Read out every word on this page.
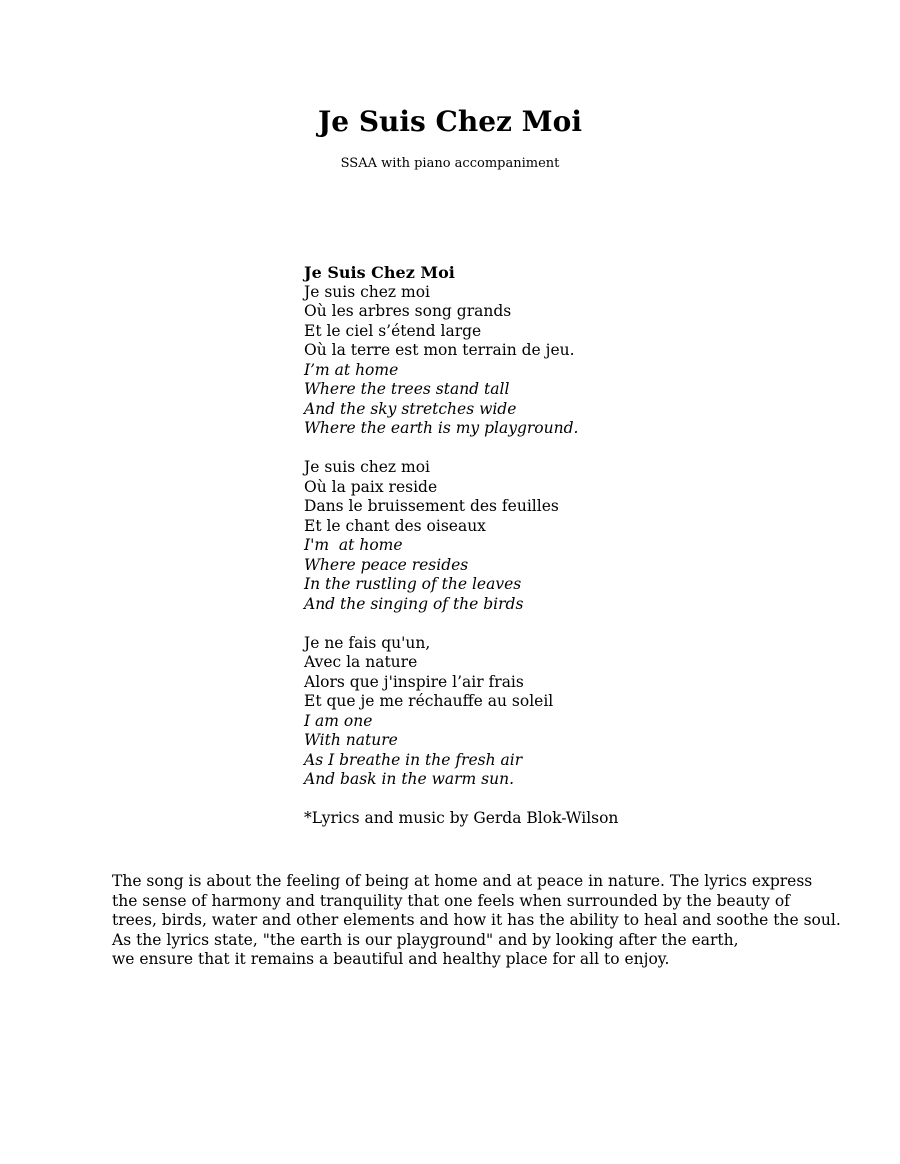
Je Suis Chez Moi
SSAA with piano accompaniment
Je Suis Chez Moi
Je suis chez moi
Où les arbres song grands
Et le ciel s’étend large
Où la terre est mon terrain de jeu.
I’m at home
Where the trees stand tall
And the sky stretches wide
Where the earth is my playground.
Je suis chez moi
Où la paix reside
Dans le bruissement des feuilles
Et le chant des oiseaux
I'm  at home
Where peace resides
In the rustling of the leaves
And the singing of the birds
Je ne fais qu'un,
Avec la nature
Alors que j'inspire l’air frais
Et que je me réchauffe au soleil
I am one
With nature
As I breathe in the fresh air
And bask in the warm sun.
*Lyrics and music by Gerda Blok-Wilson
The song is about the feeling of being at home and at peace in nature. The lyrics express
the sense of harmony and tranquility that one feels when surrounded by the beauty of
trees, birds, water and other elements and how it has the ability to heal and soothe the soul.
As the lyrics state, "the earth is our playground" and by looking after the earth,
we ensure that it remains a beautiful and healthy place for all to enjoy.
